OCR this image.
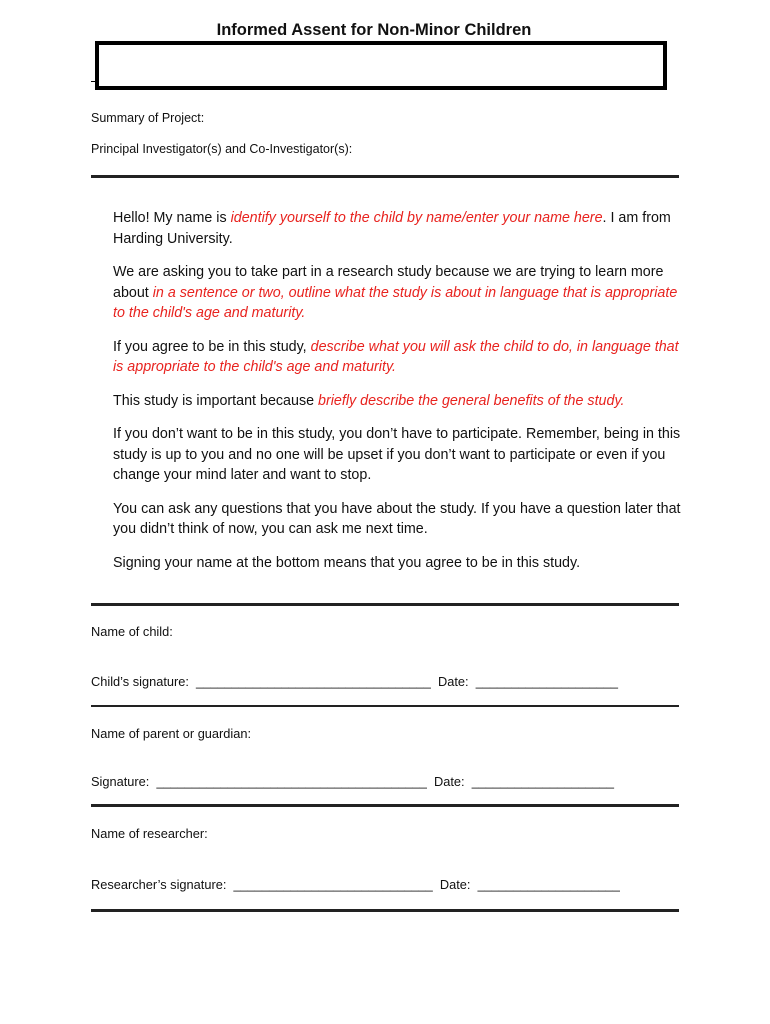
Informed Assent for Non-Minor Children
Summary of Project:
Principal Investigator(s) and Co-Investigator(s):

Hello! My name is identify yourself to the child by name/enter your name here. I am from Harding University.

We are asking you to take part in a research study because we are trying to learn more about in a sentence or two, outline what the study is about in language that is appropriate to the child's age and maturity.

If you agree to be in this study, describe what you will ask the child to do, in language that is appropriate to the child's age and maturity.

This study is important because briefly describe the general benefits of the study.

If you don’t want to be in this study, you don’t have to participate. Remember, being in this study is up to you and no one will be upset if you don’t want to participate or even if you change your mind later and want to stop.

You can ask any questions that you have about the study. If you have a question later that you didn’t think of now, you can ask me next time.

Signing your name at the bottom means that you agree to be in this study.

Name of child:
Child’s signature:  _________________________________  Date:  ____________________
Name of parent or guardian:
Signature:  ______________________________________  Date:  ____________________
Name of researcher:
Researcher’s signature:  ____________________________  Date:  ____________________
